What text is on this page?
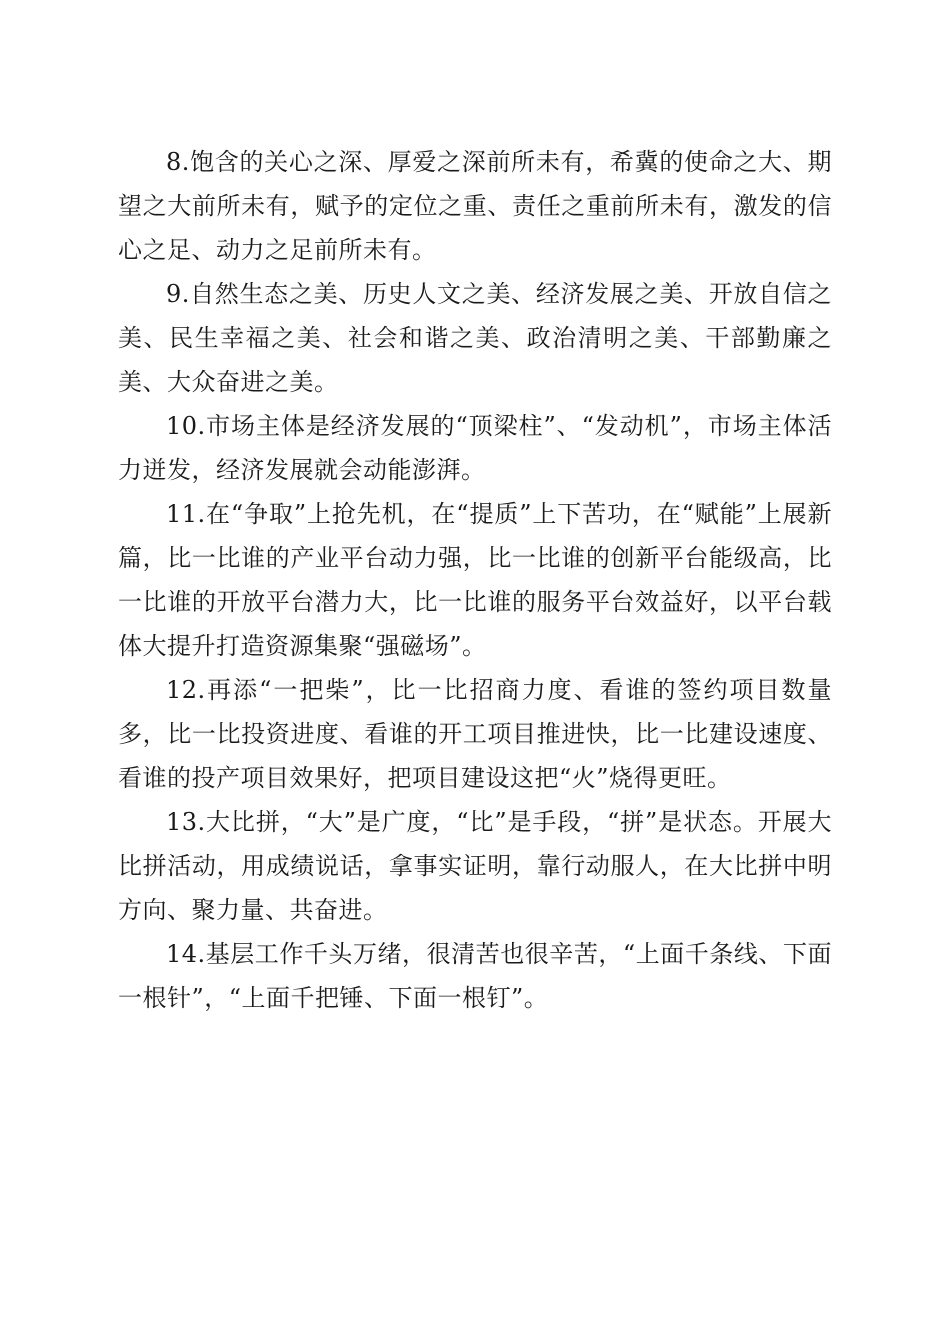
8.饱含的关心之深、厚爱之深前所未有，希冀的使命之大、期望之大前所未有，赋予的定位之重、责任之重前所未有，激发的信心之足、动力之足前所未有。

9.自然生态之美、历史人文之美、经济发展之美、开放自信之美、民生幸福之美、社会和谐之美、政治清明之美、干部勤廉之美、大众奋进之美。

10.市场主体是经济发展的“顶梁柱”、“发动机”，市场主体活力迸发，经济发展就会动能澎湃。

11.在“争取”上抢先机，在“提质”上下苦功，在“赋能”上展新篇，比一比谁的产业平台动力强，比一比谁的创新平台能级高，比一比谁的开放平台潜力大，比一比谁的服务平台效益好，以平台载体大提升打造资源集聚“强磁场”。

12.再添“一把柴”，比一比招商力度、看谁的签约项目数量多，比一比投资进度、看谁的开工项目推进快，比一比建设速度、看谁的投产项目效果好，把项目建设这把“火”烧得更旺。

13.大比拼，“大”是广度，“比”是手段，“拼”是状态。开展大比拼活动，用成绩说话，拿事实证明，靠行动服人，在大比拼中明方向、聚力量、共奋进。

14.基层工作千头万绪，很清苦也很辛苦，“上面千条线、下面一根针”，“上面千把锤、下面一根钉”。
